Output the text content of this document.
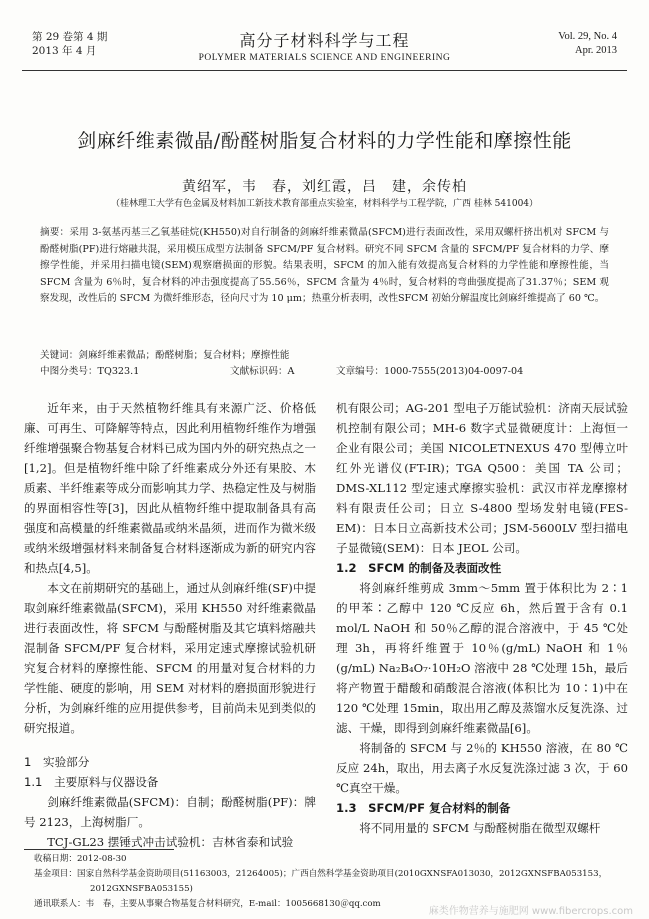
第 29 卷第 4 期
2013 年 4 月
高分子材料科学与工程
POLYMER MATERIALS SCIENCE AND ENGINEERING
Vol. 29, No. 4
Apr. 2013
剑麻纤维素微晶/酚醛树脂复合材料的力学性能和摩擦性能
黄绍军，韦　春，刘红霞，吕　建，余传柏
（桂林理工大学有色金属及材料加工新技术教育部重点实验室，材料科学与工程学院，广西 桂林 541004）
摘要：采用 3-氨基丙基三乙氧基硅烷(KH550)对自行制备的剑麻纤维素微晶(SFCM)进行表面改性，采用双螺杆挤出机对 SFCM 与酚醛树脂(PF)进行熔融共混，采用模压成型方法制备 SFCM/PF 复合材料。研究不同 SFCM 含量的 SFCM/PF 复合材料的力学、摩擦学性能，并采用扫描电镜(SEM)观察磨损面的形貌。结果表明，SFCM 的加入能有效提高复合材料的力学性能和摩擦性能，当 SFCM 含量为 6％时，复合材料的冲击强度提高了55.56％，SFCM 含量为 4％时，复合材料的弯曲强度提高了31.37％；SEM 观察发现，改性后的 SFCM 为微纤维形态，径向尺寸为 10 μm；热重分析表明，改性SFCM 初始分解温度比剑麻纤维提高了 60 ℃。
关键词：剑麻纤维素微晶；酚醛树脂；复合材料；摩擦性能
中图分类号：TQ323.1	文献标识码：A	文章编号：1000-7555(2013)04-0097-04

近年来，由于天然植物纤维具有来源广泛、价格低廉、可再生、可降解等特点，因此利用植物纤维作为增强纤维增强聚合物基复合材料已成为国内外的研究热点之一[1,2]。但是植物纤维中除了纤维素成分外还有果胶、木质素、半纤维素等成分而影响其力学、热稳定性及与树脂的界面相容性等[3]，因此从植物纤维中提取制备具有高强度和高模量的纤维素微晶或纳米晶须，进而作为微米级或纳米级增强材料来制备复合材料逐渐成为新的研究内容和热点[4,5]。

本文在前期研究的基础上，通过从剑麻纤维(SF)中提取剑麻纤维素微晶(SFCM)，采用 KH550 对纤维素微晶进行表面改性，将 SFCM 与酚醛树脂及其它填料熔融共混制备 SFCM/PF 复合材料，采用定速式摩擦试验机研究复合材料的摩擦性能、SFCM 的用量对复合材料的力学性能、硬度的影响，用 SEM 对材料的磨损面形貌进行分析，为剑麻纤维的应用提供参考，目前尚未见到类似的研究报道。

1　实验部分
1.1　主要原料与仪器设备

剑麻纤维素微晶(SFCM)：自制；酚醛树脂(PF)：牌号 2123，上海树脂厂。

TCJ-GL23 摆锤式冲击试验机：吉林省泰和试验

机有限公司；AG-201 型电子万能试验机：济南天辰试验机控制有限公司；MH-6 数字式显微硬度计：上海恒一企业有限公司；美国 NICOLETNEXUS 470 型傅立叶红外光谱仪(FT-IR)；TGA Q500：美国 TA 公司；DMS-XL112 型定速式摩擦实验机：武汉市祥龙摩擦材料有限责任公司；日立 S-4800 型场发射电镜(FES-EM)：日本日立高新技术公司；JSM-5600LV 型扫描电子显微镜(SEM)：日本 JEOL 公司。

1.2　SFCM 的制备及表面改性

将剑麻纤维剪成 3mm～5mm 置于体积比为 2∶1 的甲苯∶乙醇中 120 ℃反应 6h，然后置于含有 0.1 mol/L NaOH 和 50％乙醇的混合溶液中，于 45 ℃处理 3h，再将纤维置于 10％(g/mL) NaOH 和 1％(g/mL) Na₂B₄O₇·10H₂O 溶液中 28 ℃处理 15h，最后将产物置于醋酸和硝酸混合溶液(体积比为 10∶1)中在 120 ℃处理 15min，取出用乙醇及蒸馏水反复洗涤、过滤、干燥，即得到剑麻纤维素微晶[6]。

将制备的 SFCM 与 2％的 KH550 溶液，在 80 ℃反应 24h，取出，用去离子水反复洗涤过滤 3 次，于 60 ℃真空干燥。

1.3　SFCM/PF 复合材料的制备

将不同用量的 SFCM 与酚醛树脂在微型双螺杆

收稿日期：2012-08-30
基金项目：国家自然科学基金资助项目(51163003，21264005)；广西自然科学基金资助项目(2010GXNSFA013030，2012GXNSFBA053153，
2012GXNSFBA053155)
通讯联系人：韦　春，主要从事聚合物基复合材料研究，E-mail：1005668130＠qq.com
麻类作物营养与施肥网 www.fibercrops.com
